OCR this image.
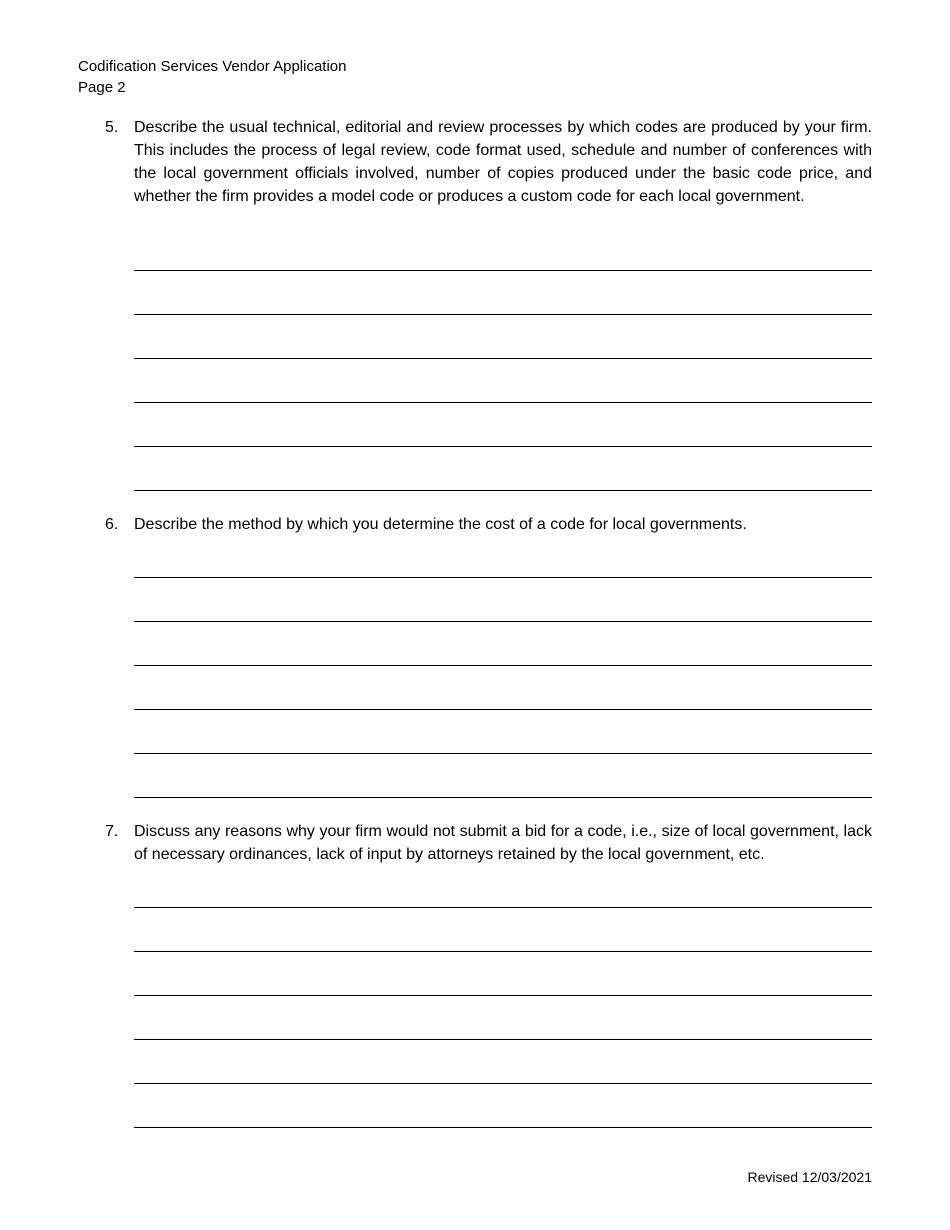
Codification Services Vendor Application
Page 2
5. Describe the usual technical, editorial and review processes by which codes are produced by your firm. This includes the process of legal review, code format used, schedule and number of conferences with the local government officials involved, number of copies produced under the basic code price, and whether the firm provides a model code or produces a custom code for each local government.
6. Describe the method by which you determine the cost of a code for local governments.
7. Discuss any reasons why your firm would not submit a bid for a code, i.e., size of local government, lack of necessary ordinances, lack of input by attorneys retained by the local government, etc.
Revised 12/03/2021
